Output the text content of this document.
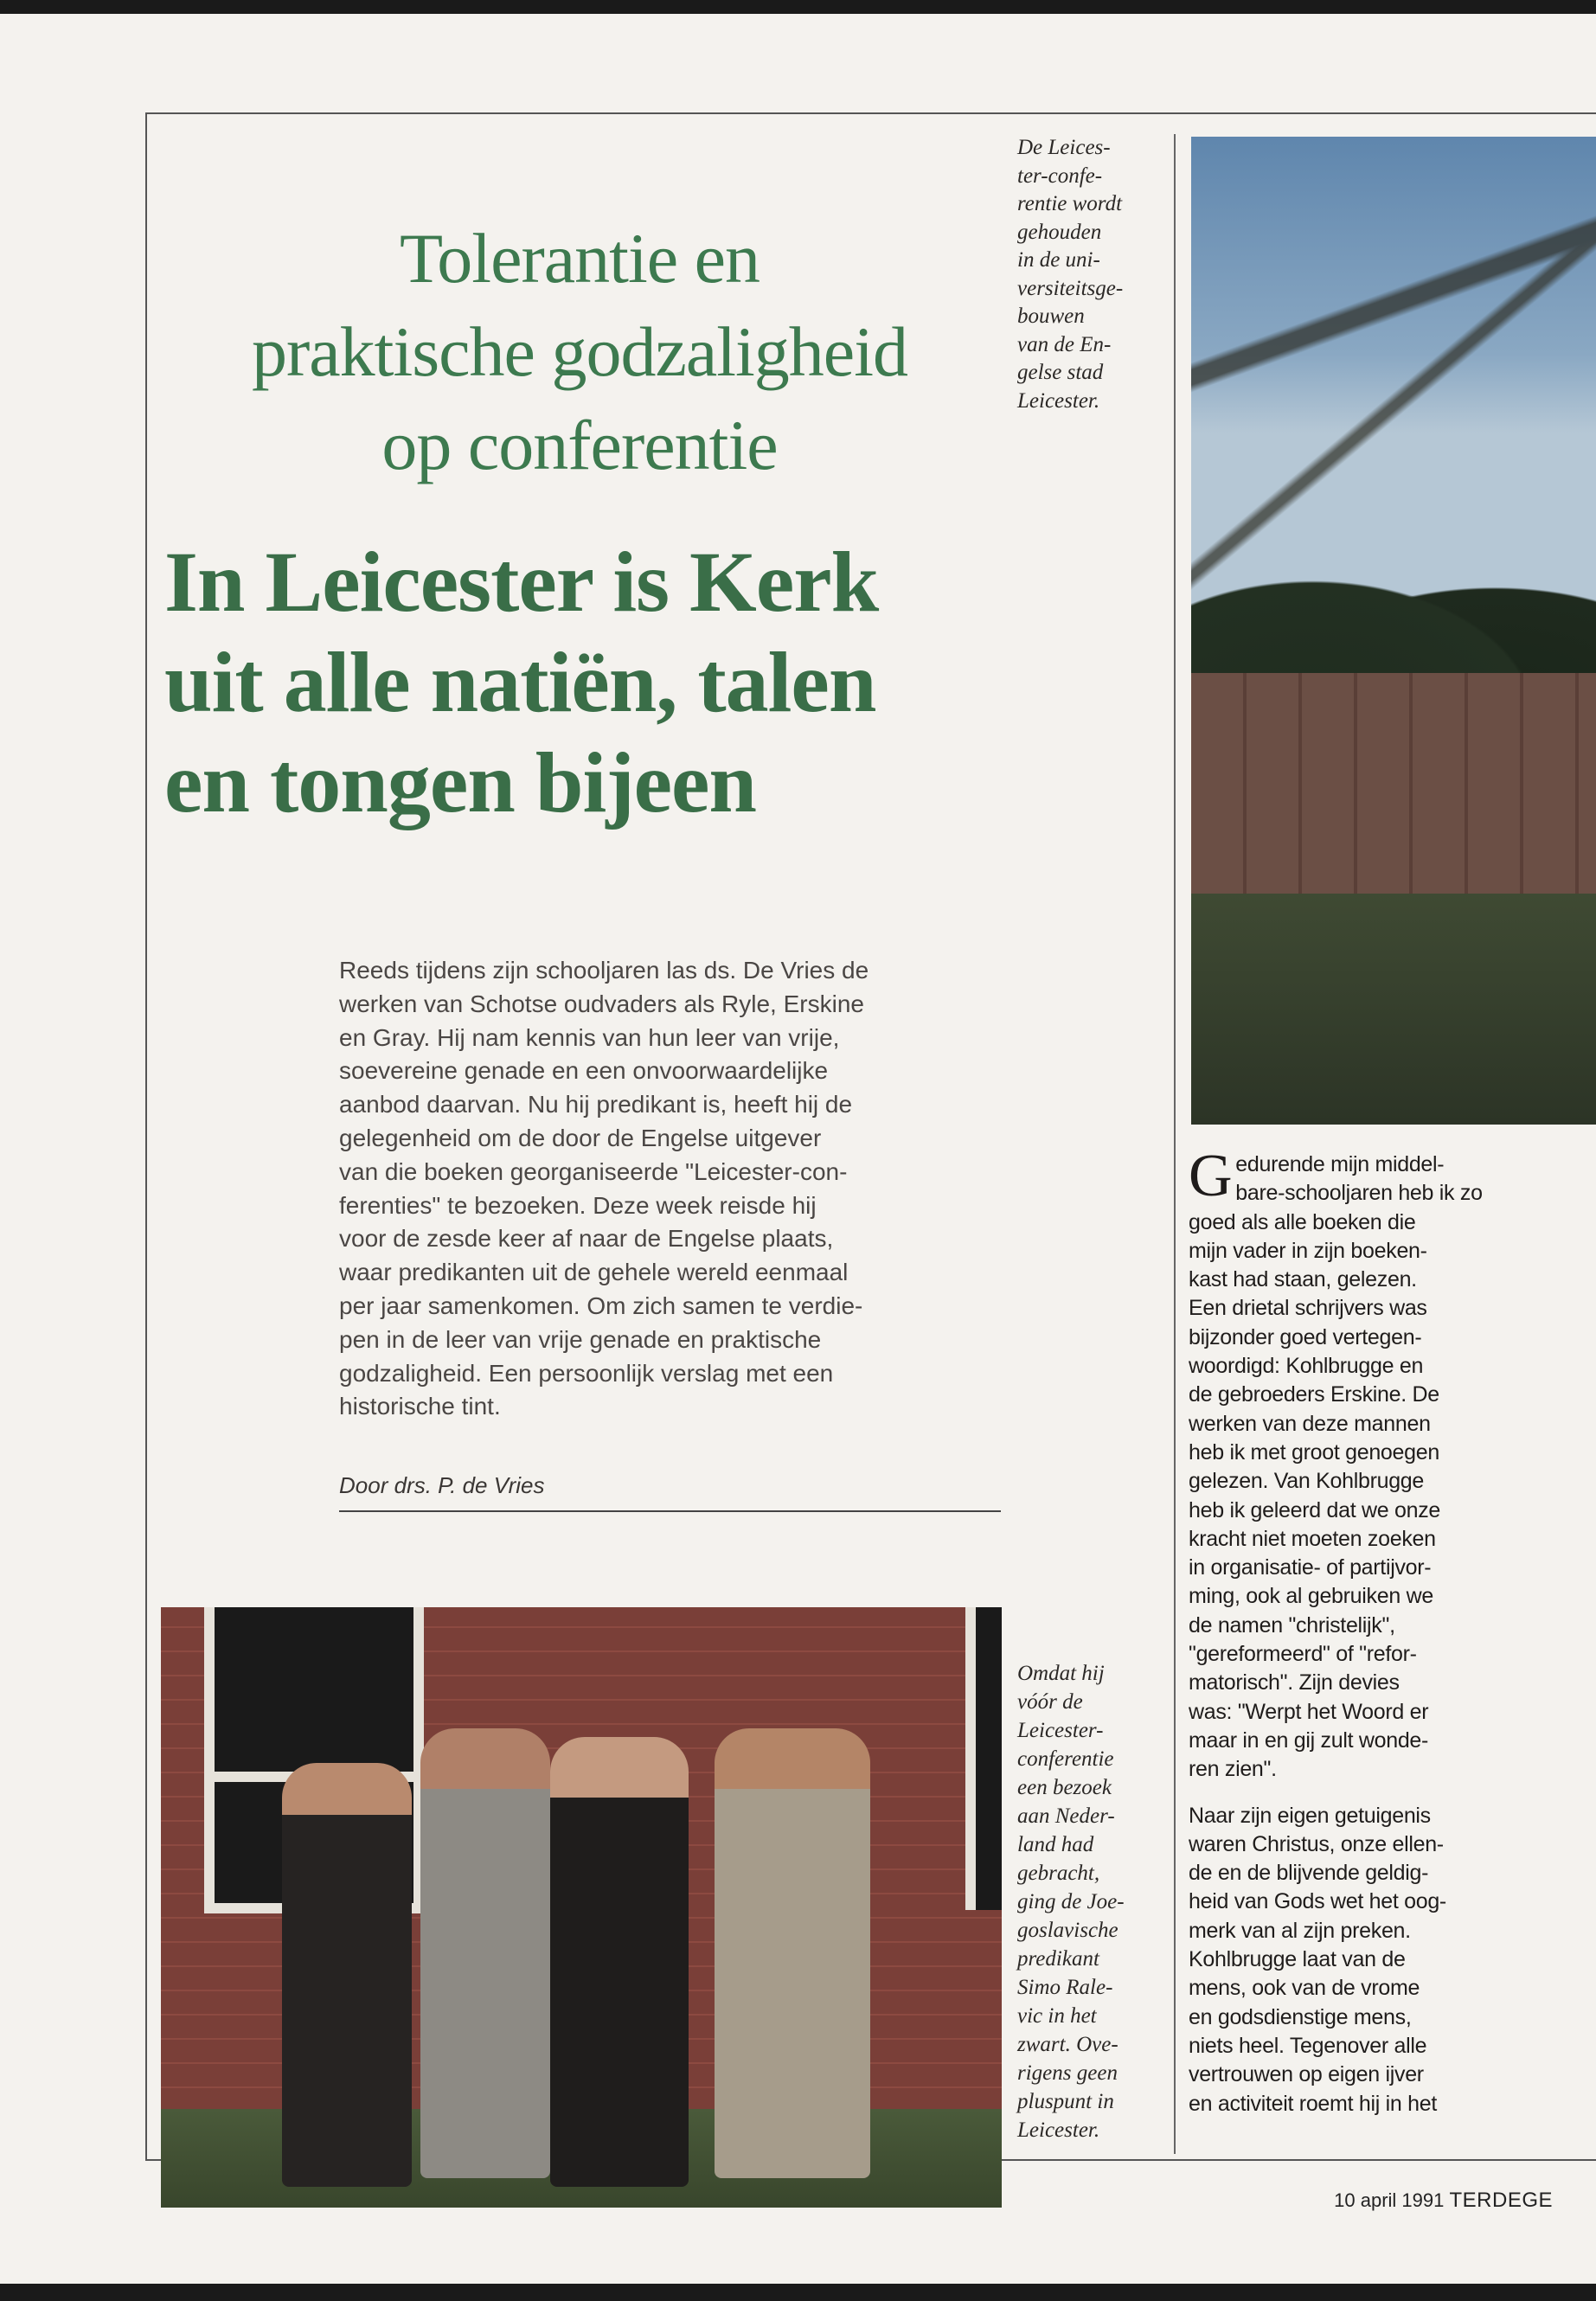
Tolerantie en
praktische godzaligheid
op conferentie
In Leicester is Kerk
uit alle natiën, talen
en tongen bijeen

De Leices-

ter-confe-

rentie wordt

gehouden

in de uni-

versiteitsge-

bouwen

van de En-

gelse stad

Leicester.

Reeds tijdens zijn schooljaren las ds. De Vries de

werken van Schotse oudvaders als Ryle, Erskine

en Gray. Hij nam kennis van hun leer van vrije,

soevereine genade en een onvoorwaardelijke

aanbod daarvan. Nu hij predikant is, heeft hij de

gelegenheid om de door de Engelse uitgever

van die boeken georganiseerde "Leicester-con-

ferenties" te bezoeken. Deze week reisde hij

voor de zesde keer af naar de Engelse plaats,

waar predikanten uit de gehele wereld eenmaal

per jaar samenkomen. Om zich samen te verdie-

pen in de leer van vrije genade en praktische

godzaligheid. Een persoonlijk verslag met een

historische tint.

Door drs. P. de Vries

Omdat hij

vóór de

Leicester-

conferentie

een bezoek

aan Neder-

land had

gebracht,

ging de Joe-

goslavische

predikant

Simo Rale-

vic in het

zwart. Ove-

rigens geen

pluspunt in

Leicester.

G edurende mijn middel-
bare-schooljaren heb ik zo
goed als alle boeken die
mijn vader in zijn boeken-
kast had staan, gelezen.
Een drietal schrijvers was
bijzonder goed vertegen-
woordigd: Kohlbrugge en
de gebroeders Erskine. De
werken van deze mannen
heb ik met groot genoegen
gelezen. Van Kohlbrugge
heb ik geleerd dat we onze
kracht niet moeten zoeken
in organisatie- of partijvor-
ming, ook al gebruiken we
de namen "christelijk",
"gereformeerd" of "refor-
matorisch". Zijn devies
was: "Werpt het Woord er
maar in en gij zult wonde-
ren zien".

Naar zijn eigen getuigenis
waren Christus, onze ellen-
de en de blijvende geldig-
heid van Gods wet het oog-
merk van al zijn preken.
Kohlbrugge laat van de
mens, ook van de vrome
en godsdienstige mens,
niets heel. Tegenover alle
vertrouwen op eigen ijver
en activiteit roemt hij in het

10 april 1991 TERDEGE
